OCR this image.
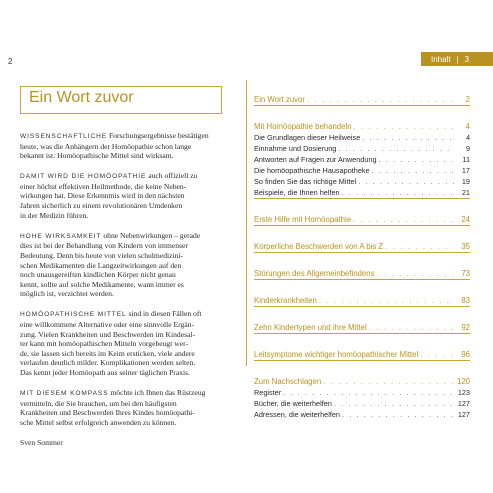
2	Inhalt | 3
Ein Wort zuvor
WISSENSCHAFTLICHE Forschungsergebnisse bestätigen
heute, was die Anhängern der Homöopathie schon lange
bekannt ist: Homöopathische Mittel sind wirksam.
DAMIT WIRD DIE HOMÖOPATHIE auch offiziell zu
einer höchst effektiven Heilmethode, die keine Neben-
wirkungen hat. Diese Erkenntnis wird in den nächsten
Jahren sicherlich zu einem revolutionären Umdenken
in der Medizin führen.
HOHE WIRKSAMKEIT ohne Nebenwirkungen – gerade
dies ist bei der Behandlung von Kindern von immenser
Bedeutung. Denn bis heute von vielen schulmedizini-
schen Medikamenten die Langzeitwirkungen auf den
noch unausgereiften kindlichen Körper nicht genau
kennt, sollte auf solche Medikamente, wann immer es
möglich ist, verzichtet werden.
HOMÖOPATHISCHE MITTEL sind in diesen Fällen oft
eine willkommene Alternative oder eine sinnvolle Ergän-
zung. Vielen Krankheiten und Beschwerden im Kindesal-
ter kann mit homöopathischen Mitteln vorgebeugt wer-
de, sie lassen sich bereits im Keim ersticken, viele andere
verlaufen deutlich milder. Komplikationen werden selten.
Das kennt jeder Homöopath aus seiner täglichen Praxis.
MIT DIESEM KOMPASS möchte ich Ihnen das Rüstzeug
vermitteln, die Sie brauchen, um bei den häufigsten
Krankheiten und Beschwerden Ihres Kindes homöopathi-
sche Mittel selbst erfolgreich anwenden zu können.
Sven Sommer
Ein Wort zuvor . . .	2
Mit Homöopathie behandeln . . .	4
Die Grundlagen dieser Heilweise . . .	4
Einnahme und Dosierung . . .	9
Antworten auf Fragen zur Anwendung . . .	11
Die homöopathische Hausapotheke . . .	17
So finden Sie das richtige Mittel . . .	19
Beispiele, die Ihnen helfen . . .	21
Erste Hilfe mit Homöopathie . . .	24
Körperliche Beschwerden von A bis Z . . .	35
Störungen des Allgemeinbefindens . . .	73
Kinderkrankheiten . . .	83
Zehn Kindertypen und ihre Mittel . . .	92
Leitsymptome wichtiger homöopathischer Mittel . . .	96
Zum Nachschlagen . . .	120
Register . . .	123
Bücher, die weiterhelfen . . .	127
Adressen, die weiterhelfen . . .	127
